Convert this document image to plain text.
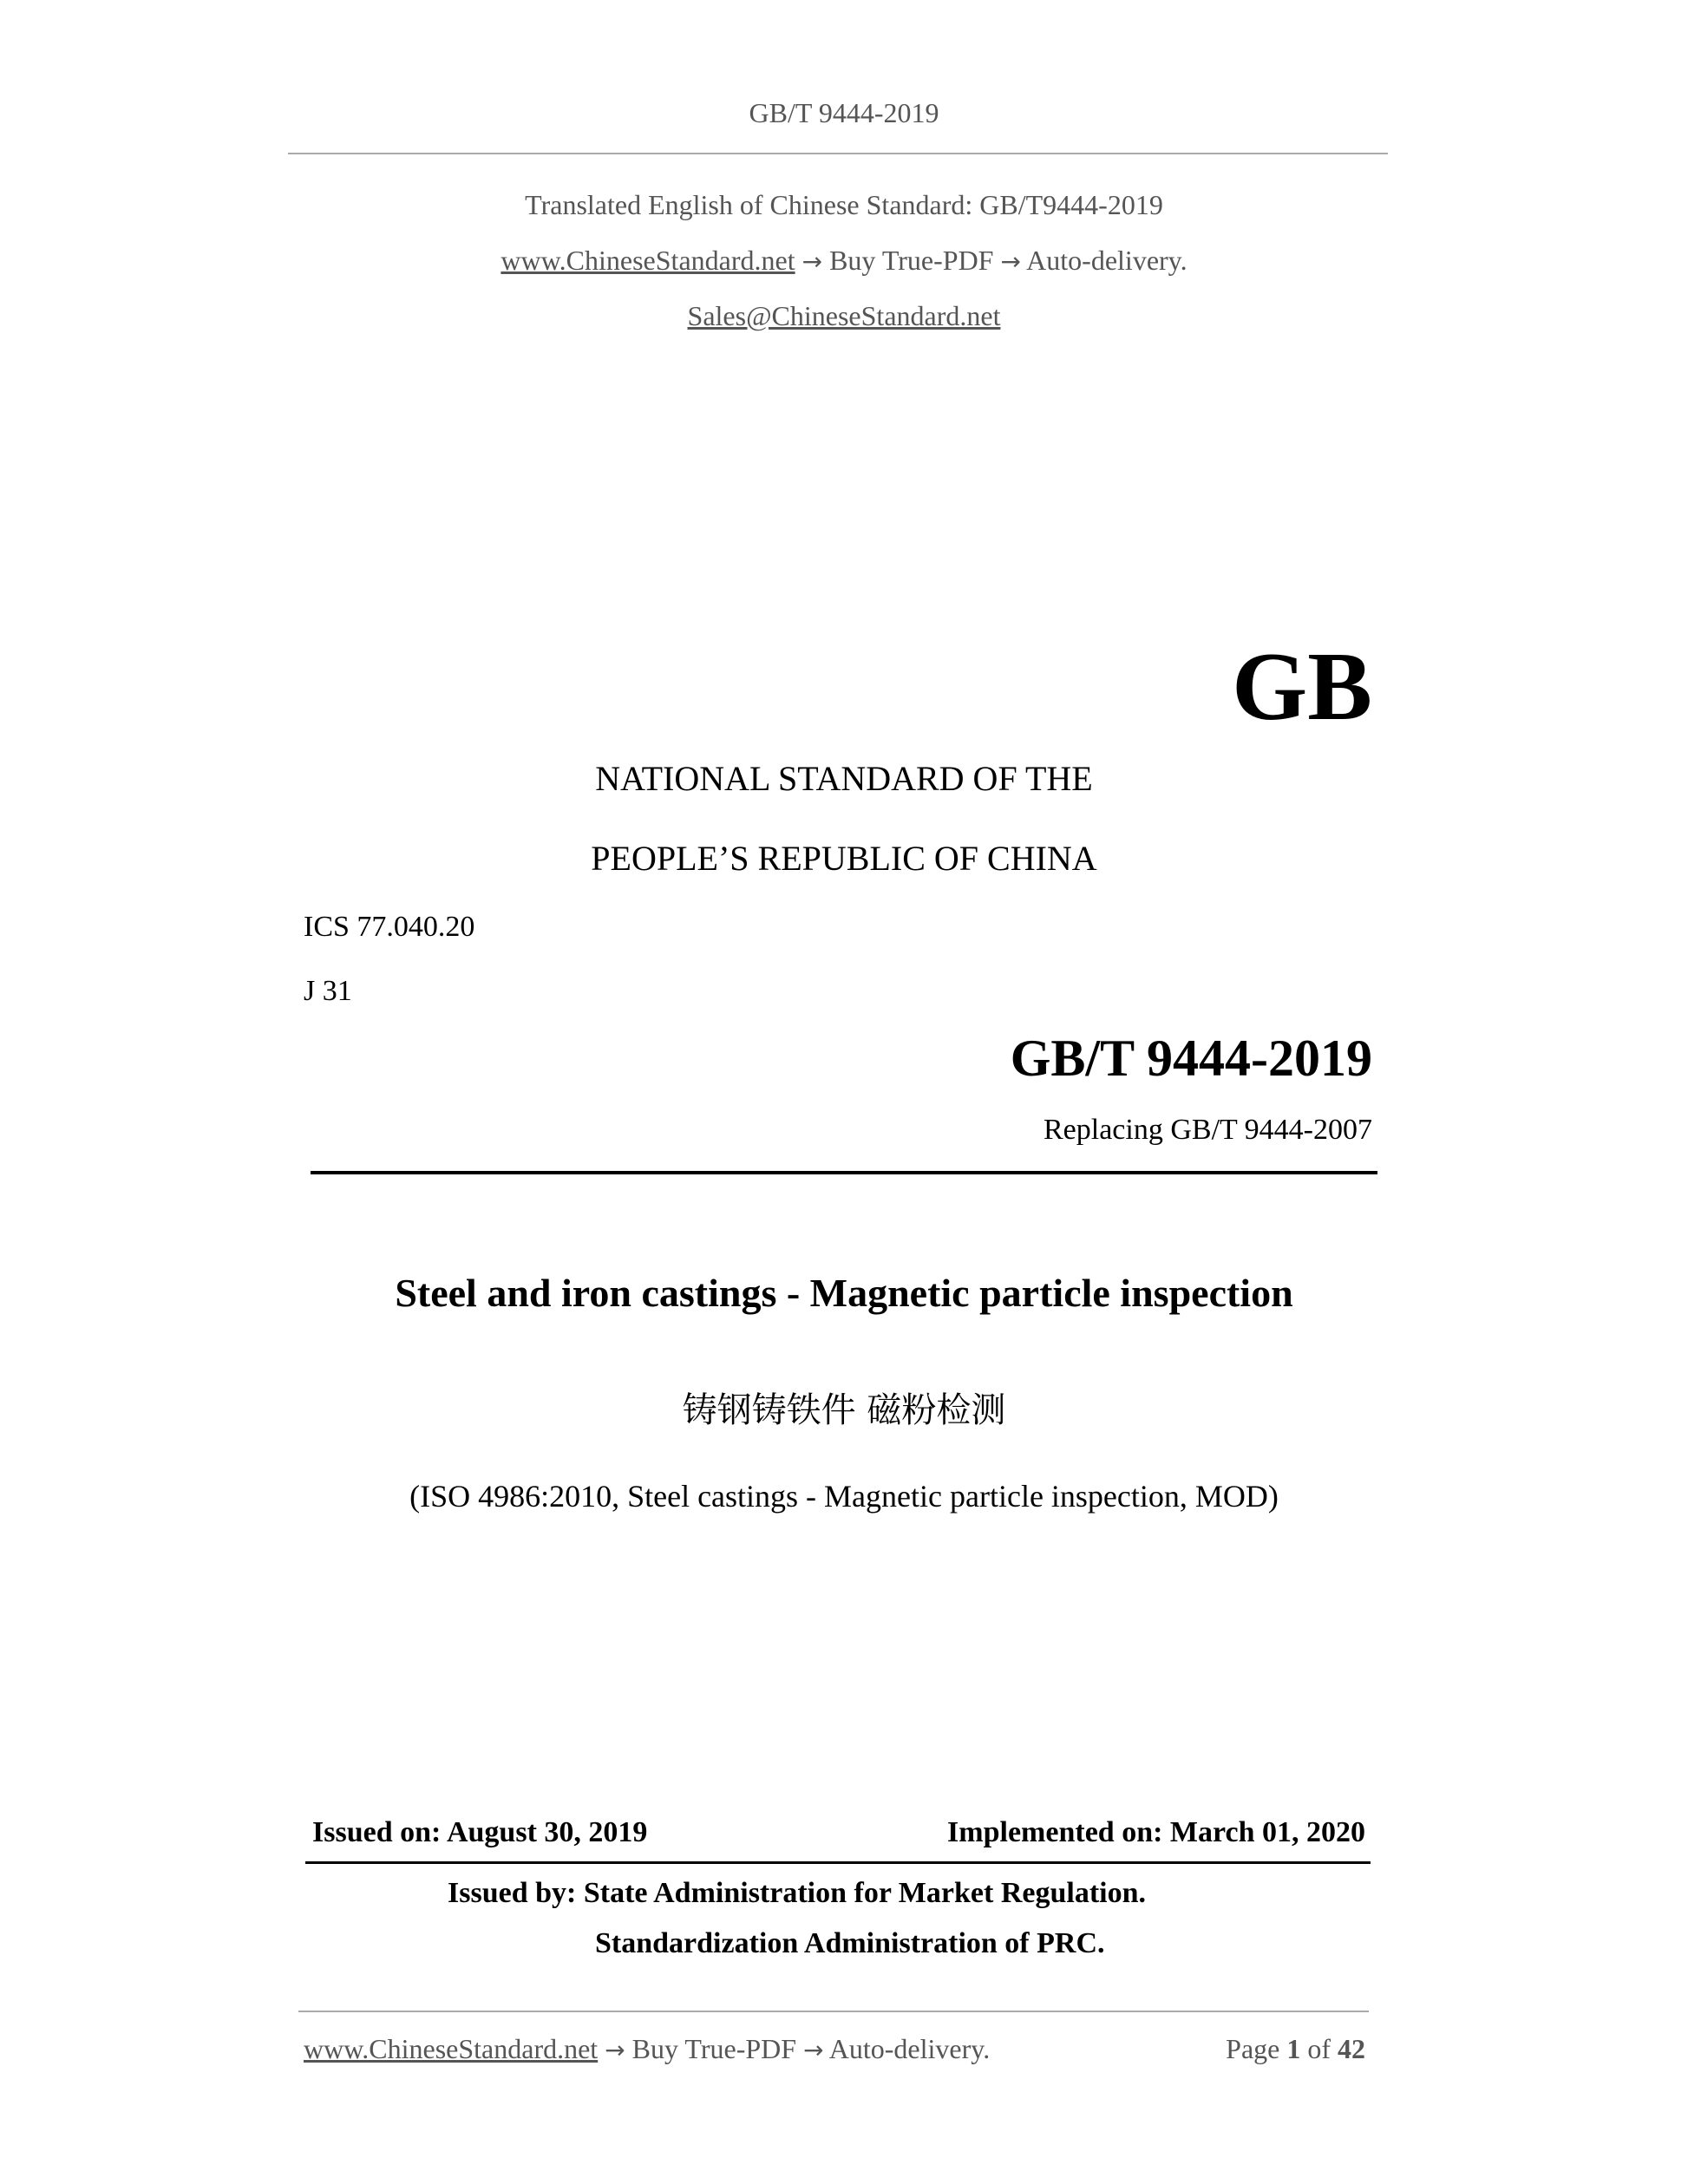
GB/T 9444-2019
Translated English of Chinese Standard: GB/T9444-2019
www.ChineseStandard.net → Buy True-PDF → Auto-delivery.
Sales@ChineseStandard.net
GB
NATIONAL STANDARD OF THE
PEOPLE’S REPUBLIC OF CHINA
ICS 77.040.20
J 31
GB/T 9444-2019
Replacing GB/T 9444-2007
Steel and iron castings - Magnetic particle inspection
铸钢铸铁件 磁粉检测
(ISO 4986:2010, Steel castings - Magnetic particle inspection, MOD)
Issued on: August 30, 2019	Implemented on: March 01, 2020
Issued by: State Administration for Market Regulation.
Standardization Administration of PRC.
www.ChineseStandard.net → Buy True-PDF → Auto-delivery.	Page 1 of 42
